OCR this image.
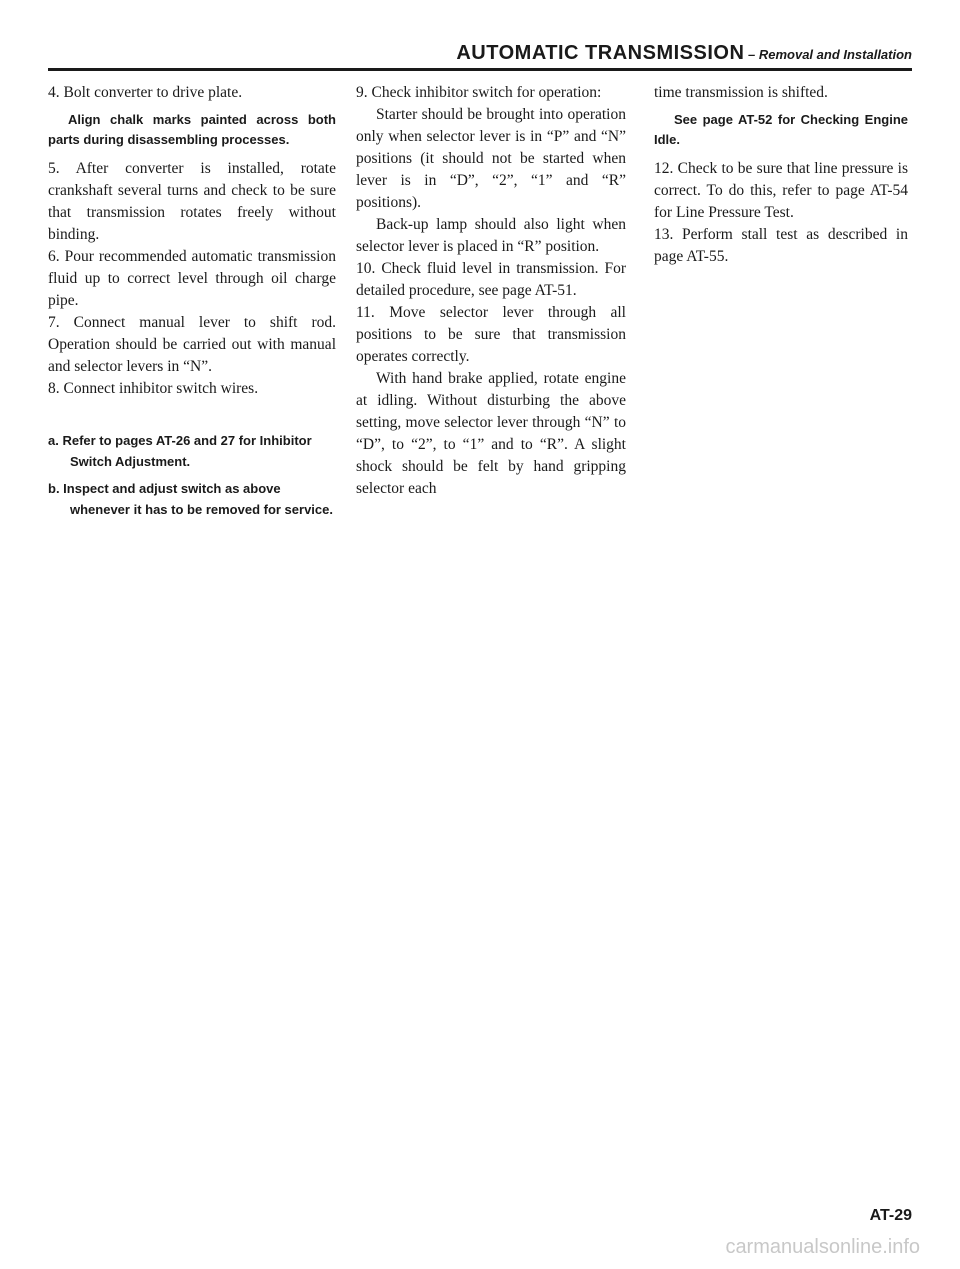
AUTOMATIC TRANSMISSION – Removal and Installation

4. Bolt converter to drive plate.

Align chalk marks painted across both parts during disassembling processes.

5. After converter is installed, rotate crankshaft several turns and check to be sure that transmission rotates freely without binding.

6. Pour recommended automatic transmission fluid up to correct level through oil charge pipe.

7. Connect manual lever to shift rod. Operation should be carried out with manual and selector levers in “N”.

8. Connect inhibitor switch wires.

a. Refer to pages AT-26 and 27 for Inhibitor Switch Adjustment.

b. Inspect and adjust switch as above whenever it has to be removed for service.

9. Check inhibitor switch for operation:

Starter should be brought into operation only when selector lever is in “P” and “N” positions (it should not be started when lever is in “D”, “2”, “1” and “R” positions).

Back-up lamp should also light when selector lever is placed in “R” position.

10. Check fluid level in transmission. For detailed procedure, see page AT-51.

11. Move selector lever through all positions to be sure that transmission operates correctly.

With hand brake applied, rotate engine at idling. Without disturbing the above setting, move selector lever through “N” to “D”, to “2”, to “1” and to “R”. A slight shock should be felt by hand gripping selector each

time transmission is shifted.

See page AT-52 for Checking Engine Idle.

12. Check to be sure that line pressure is correct. To do this, refer to page AT-54 for Line Pressure Test.

13. Perform stall test as described in page AT-55.

AT-29
carmanualsonline.info
